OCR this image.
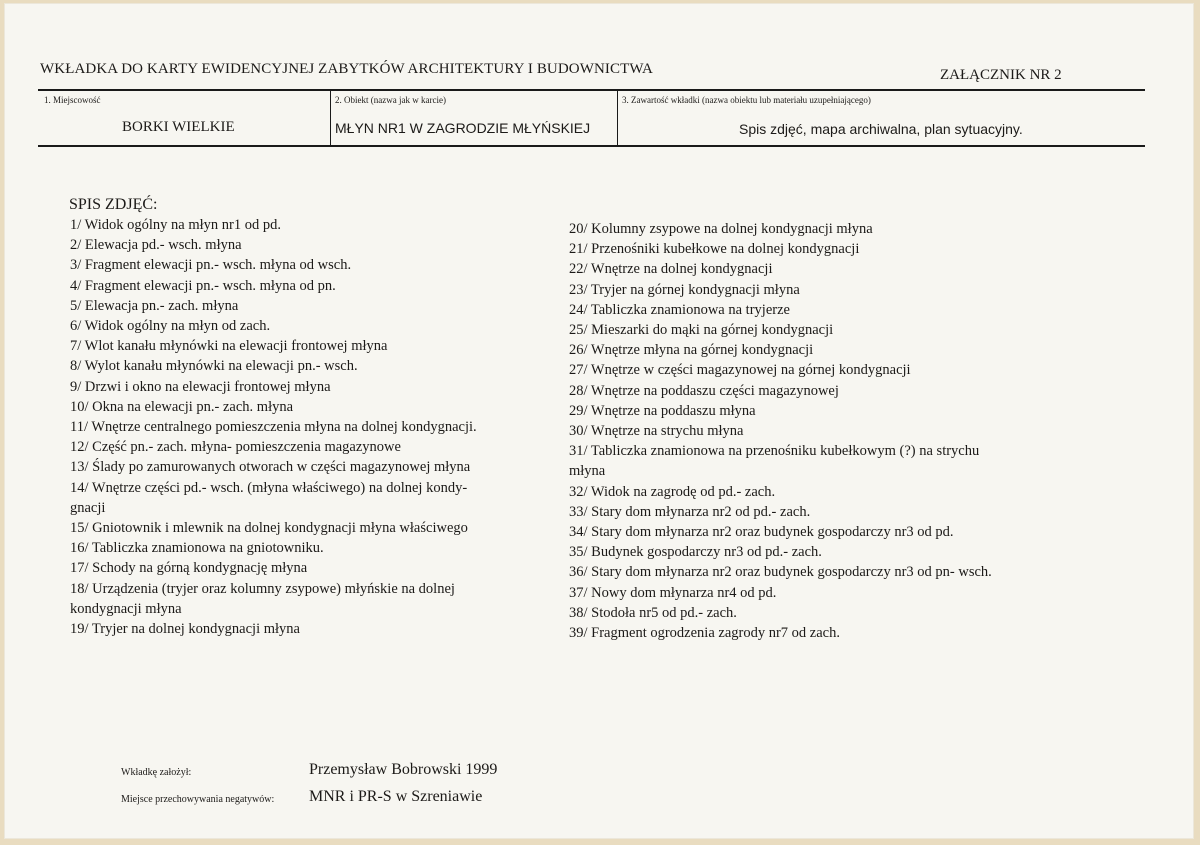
WKŁADKA DO KARTY EWIDENCYJNEJ ZABYTKÓW ARCHITEKTURY I BUDOWNICTWA	ZAŁĄCZNIK NR 2
1. Miejscowość
BORKI WIELKIE
2. Obiekt (nazwa jak w karcie)
MŁYN NR1 W ZAGRODZIE MŁYŃSKIEJ
3. Zawartość wkładki (nazwa obiektu lub materiału uzupełniającego)
Spis zdjęć, mapa archiwalna, plan sytuacyjny.
SPIS ZDJĘĆ:
1/ Widok ogólny na młyn nr1 od pd.
2/ Elewacja pd.- wsch. młyna
3/ Fragment elewacji pn.- wsch. młyna od wsch.
4/ Fragment elewacji pn.- wsch. młyna od pn.
5/ Elewacja pn.- zach. młyna
6/ Widok ogólny na młyn od zach.
7/ Wlot kanału młynówki na elewacji frontowej młyna
8/ Wylot kanału młynówki na elewacji pn.- wsch.
9/ Drzwi i okno na elewacji frontowej młyna
10/ Okna na elewacji pn.- zach. młyna
11/ Wnętrze centralnego pomieszczenia młyna na dolnej kondygnacji.
12/ Część pn.- zach. młyna- pomieszczenia magazynowe
13/ Ślady po zamurowanych otworach w części magazynowej młyna
14/ Wnętrze części pd.- wsch. (młyna właściwego) na dolnej kondy-
gnacji
15/ Gniotownik i mlewnik na dolnej kondygnacji młyna właściwego
16/ Tabliczka znamionowa na gniotowniku.
17/ Schody na górną kondygnację młyna
18/ Urządzenia (tryjer oraz kolumny zsypowe) młyńskie na dolnej
kondygnacji młyna
19/ Tryjer na dolnej kondygnacji młyna
20/ Kolumny zsypowe na dolnej kondygnacji młyna
21/ Przenośniki kubełkowe na dolnej kondygnacji
22/ Wnętrze na dolnej kondygnacji
23/ Tryjer na górnej kondygnacji młyna
24/ Tabliczka znamionowa na tryjerze
25/ Mieszarki do mąki na górnej kondygnacji
26/ Wnętrze młyna na górnej kondygnacji
27/ Wnętrze w części magazynowej na górnej kondygnacji
28/ Wnętrze na poddaszu części magazynowej
29/ Wnętrze na poddaszu młyna
30/ Wnętrze na strychu młyna
31/ Tabliczka znamionowa na przenośniku kubełkowym (?) na strychu
młyna
32/ Widok na zagrodę od pd.- zach.
33/ Stary dom młynarza nr2 od pd.- zach.
34/ Stary dom młynarza nr2 oraz budynek gospodarczy nr3 od pd.
35/ Budynek gospodarczy nr3 od pd.- zach.
36/ Stary dom młynarza nr2 oraz budynek gospodarczy nr3 od pn- wsch.
37/ Nowy dom młynarza nr4 od pd.
38/ Stodoła nr5 od pd.- zach.
39/ Fragment ogrodzenia zagrody nr7 od zach.
Wkładkę założył:	Przemysław Bobrowski 1999
Miejsce przechowywania negatywów: MNR i PR-S w Szreniawie
